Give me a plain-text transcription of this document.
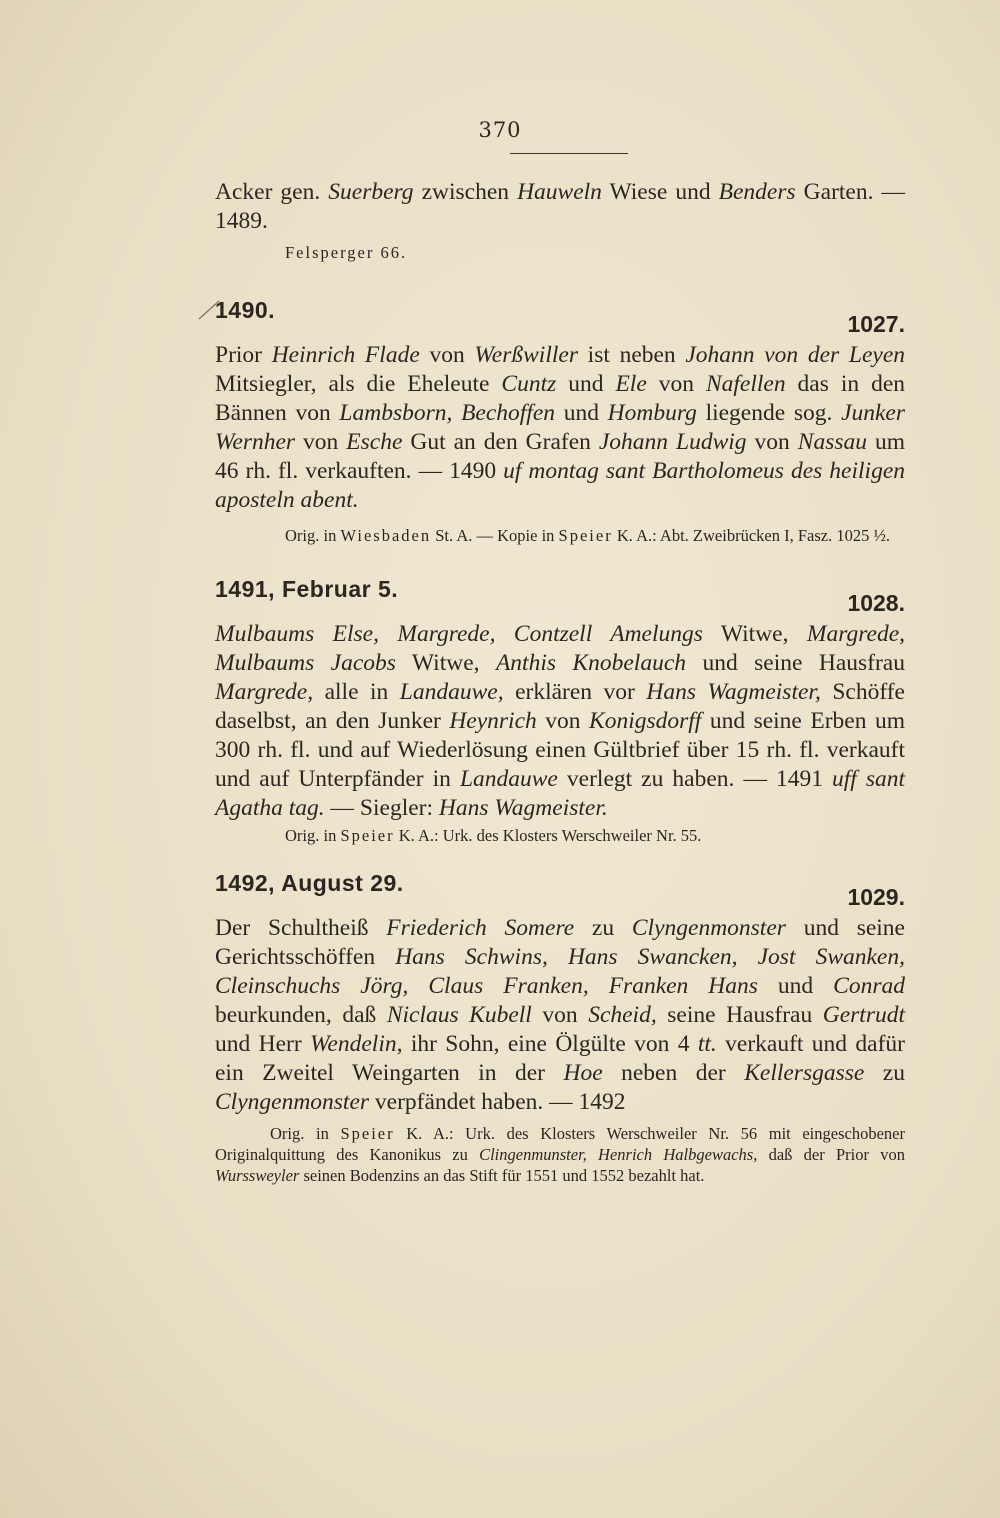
370

Acker gen. Suerberg zwischen Hauweln Wiese und Benders Garten. — 1489.

Felsperger 66.

1490.
1027.

Prior Heinrich Flade von Werßwiller ist neben Johann von der Leyen Mitsiegler, als die Eheleute Cuntz und Ele von Nafellen das in den Bännen von Lambsborn, Bechoffen und Homburg liegende sog. Junker Wernher von Esche Gut an den Grafen Johann Ludwig von Nassau um 46 rh. fl. verkauften. — 1490 uf montag sant Bartholomeus des heiligen aposteln abent.

Orig. in Wiesbaden St. A. — Kopie in Speier K. A.: Abt. Zweibrücken I, Fasz. 1025 ½.

1491, Februar 5.
1028.

Mulbaums Else, Margrede, Contzell Amelungs Witwe, Margrede, Mulbaums Jacobs Witwe, Anthis Knobelauch und seine Hausfrau Margrede, alle in Landauwe, erklären vor Hans Wagmeister, Schöffe daselbst, an den Junker Heynrich von Konigsdorff und seine Erben um 300 rh. fl. und auf Wiederlösung einen Gültbrief über 15 rh. fl. verkauft und auf Unterpfänder in Landauwe verlegt zu haben. — 1491 uff sant Agatha tag. — Siegler: Hans Wagmeister.

Orig. in Speier K. A.: Urk. des Klosters Werschweiler Nr. 55.

1492, August 29.
1029.

Der Schultheiß Friederich Somere zu Clyngenmonster und seine Gerichtsschöffen Hans Schwins, Hans Swancken, Jost Swanken, Cleinschuchs Jörg, Claus Franken, Franken Hans und Conrad beurkunden, daß Niclaus Kubell von Scheid, seine Hausfrau Gertrudt und Herr Wendelin, ihr Sohn, eine Ölgülte von 4 tt. verkauft und dafür ein Zweitel Weingarten in der Hoe neben der Kellersgasse zu Clyngenmonster verpfändet haben. — 1492

Orig. in Speier K. A.: Urk. des Klosters Werschweiler Nr. 56 mit eingeschobener Originalquittung des Kanonikus zu Clingenmunster, Henrich Halbgewachs, daß der Prior von Wurssweyler seinen Bodenzins an das Stift für 1551 und 1552 bezahlt hat.
